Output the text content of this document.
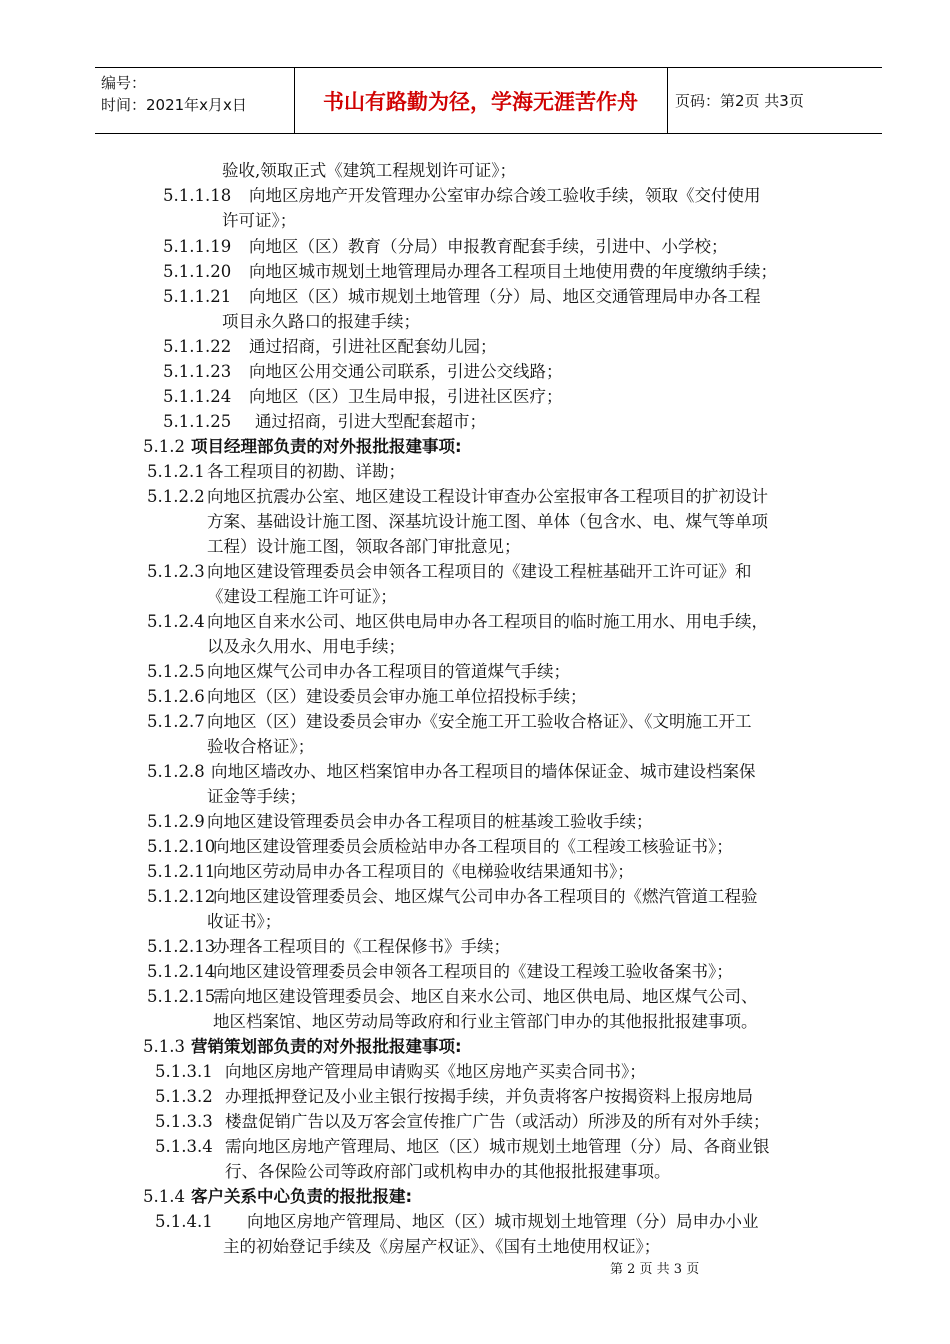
编号：
时间：2021年x月x日	书山有路勤为径，学海无涯苦作舟	页码：第2页 共3页
验收,领取正式《建筑工程规划许可证》；
5.1.1.18 向地区房地产开发管理办公室审办综合竣工验收手续，领取《交付使用
许可证》；
5.1.1.19 向地区（区）教育（分局）申报教育配套手续，引进中、小学校；
5.1.1.20 向地区城市规划土地管理局办理各工程项目土地使用费的年度缴纳手续；
5.1.1.21 向地区（区）城市规划土地管理（分）局、地区交通管理局申办各工程
项目永久路口的报建手续；
5.1.1.22 通过招商，引进社区配套幼儿园；
5.1.1.23 向地区公用交通公司联系，引进公交线路；
5.1.1.24 向地区（区）卫生局申报，引进社区医疗；
5.1.1.25 通过招商，引进大型配套超市；
5.1.2 项目经理部负责的对外报批报建事项:
5.1.2.1 各工程项目的初勘、详勘；
5.1.2.2 向地区抗震办公室、地区建设工程设计审查办公室报审各工程项目的扩初设计
方案、基础设计施工图、深基坑设计施工图、单体（包含水、电、煤气等单项
工程）设计施工图，领取各部门审批意见；
5.1.2.3 向地区建设管理委员会申领各工程项目的《建设工程桩基础开工许可证》和
《建设工程施工许可证》；
5.1.2.4 向地区自来水公司、地区供电局申办各工程项目的临时施工用水、用电手续，
以及永久用水、用电手续；
5.1.2.5 向地区煤气公司申办各工程项目的管道煤气手续；
5.1.2.6 向地区（区）建设委员会审办施工单位招投标手续；
5.1.2.7 向地区（区）建设委员会审办《安全施工开工验收合格证》、《文明施工开工
验收合格证》；
5.1.2.8 向地区墙改办、地区档案馆申办各工程项目的墙体保证金、城市建设档案保
证金等手续；
5.1.2.9 向地区建设管理委员会申办各工程项目的桩基竣工验收手续；
5.1.2.10向地区建设管理委员会质检站申办各工程项目的《工程竣工核验证书》；
5.1.2.11向地区劳动局申办各工程项目的《电梯验收结果通知书》；
5.1.2.12向地区建设管理委员会、地区煤气公司申办各工程项目的《燃汽管道工程验
收证书》；
5.1.2.13办理各工程项目的《工程保修书》手续；
5.1.2.14向地区建设管理委员会申领各工程项目的《建设工程竣工验收备案书》；
5.1.2.15需向地区建设管理委员会、地区自来水公司、地区供电局、地区煤气公司、
地区档案馆、地区劳动局等政府和行业主管部门申办的其他报批报建事项。
5.1.3 营销策划部负责的对外报批报建事项:
5.1.3.1 向地区房地产管理局申请购买《地区房地产买卖合同书》；
5.1.3.2 办理抵押登记及小业主银行按揭手续，并负责将客户按揭资料上报房地局
5.1.3.3 楼盘促销广告以及万客会宣传推广广告（或活动）所涉及的所有对外手续；
5.1.3.4 需向地区房地产管理局、地区（区）城市规划土地管理（分）局、各商业银
行、各保险公司等政府部门或机构申办的其他报批报建事项。
5.1.4 客户关系中心负责的报批报建:
5.1.4.1 向地区房地产管理局、地区（区）城市规划土地管理（分）局申办小业
主的初始登记手续及《房屋产权证》、《国有土地使用权证》；
第 2 页 共 3 页
